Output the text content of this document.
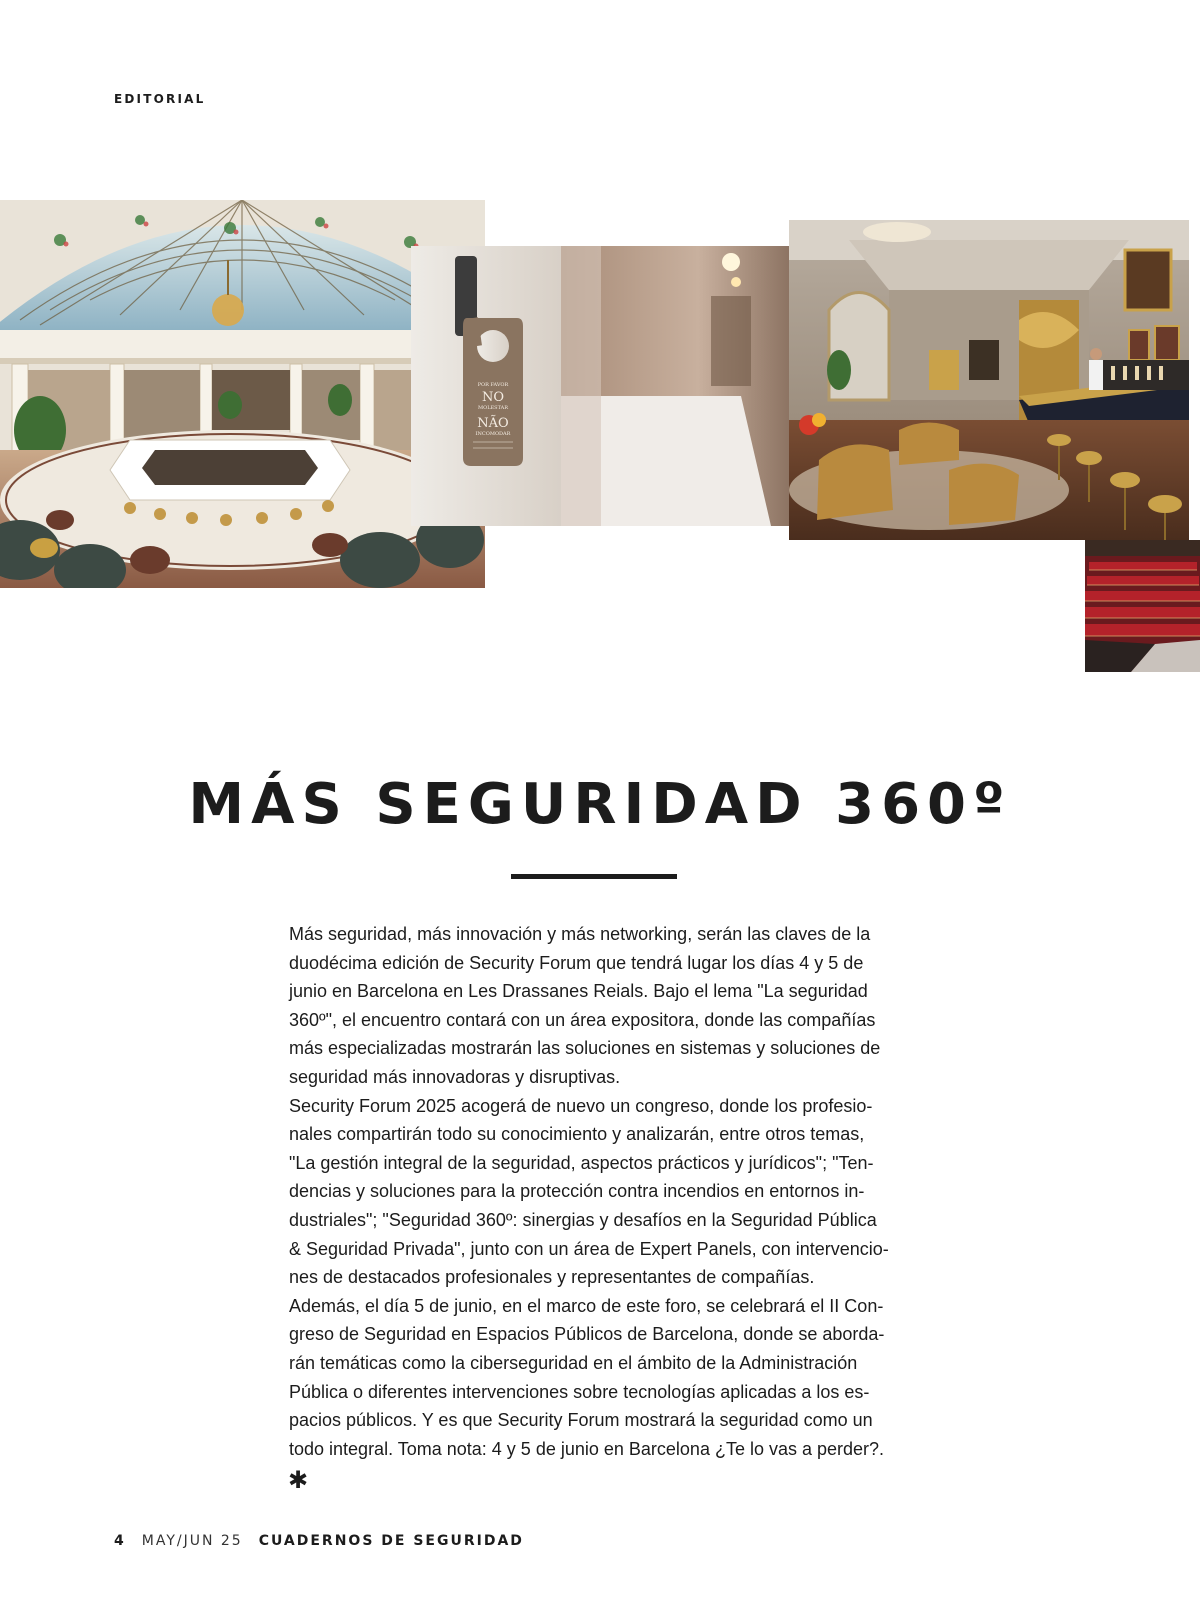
EDITORIAL
POR FAVOR
NO
MOLESTAR
NÃO
INCOMODAR
MÁS SEGURIDAD 360º

Más seguridad, más innovación y más networking, serán las claves de la
duodécima edición de Security Forum que tendrá lugar los días 4 y 5 de
junio en Barcelona en Les Drassanes Reials. Bajo el lema "La seguridad
360º", el encuentro contará con un área expositora, donde las compañías
más especializadas mostrarán las soluciones en sistemas y soluciones de
seguridad más innovadoras y disruptivas.
Security Forum 2025 acogerá de nuevo un congreso, donde los profesio-
nales compartirán todo su conocimiento y analizarán, entre otros temas,
"La gestión integral de la seguridad, aspectos prácticos y jurídicos"; "Ten-
dencias y soluciones para la protección contra incendios en entornos in-
dustriales"; "Seguridad 360º: sinergias y desafíos en la Seguridad Pública
& Seguridad Privada", junto con un área de Expert Panels, con intervencio-
nes de destacados profesionales y representantes de compañías.
Además, el día 5 de junio, en el marco de este foro, se celebrará el II Con-
greso de Seguridad en Espacios Públicos de Barcelona, donde se aborda-
rán temáticas como la ciberseguridad en el ámbito de la Administración
Pública o diferentes intervenciones sobre tecnologías aplicadas a los es-
pacios públicos. Y es que Security Forum mostrará la seguridad como un
todo integral. Toma nota: 4 y 5 de junio en Barcelona ¿Te lo vas a perder?.

✱
4 MAY/JUN 25 CUADERNOS DE SEGURIDAD
